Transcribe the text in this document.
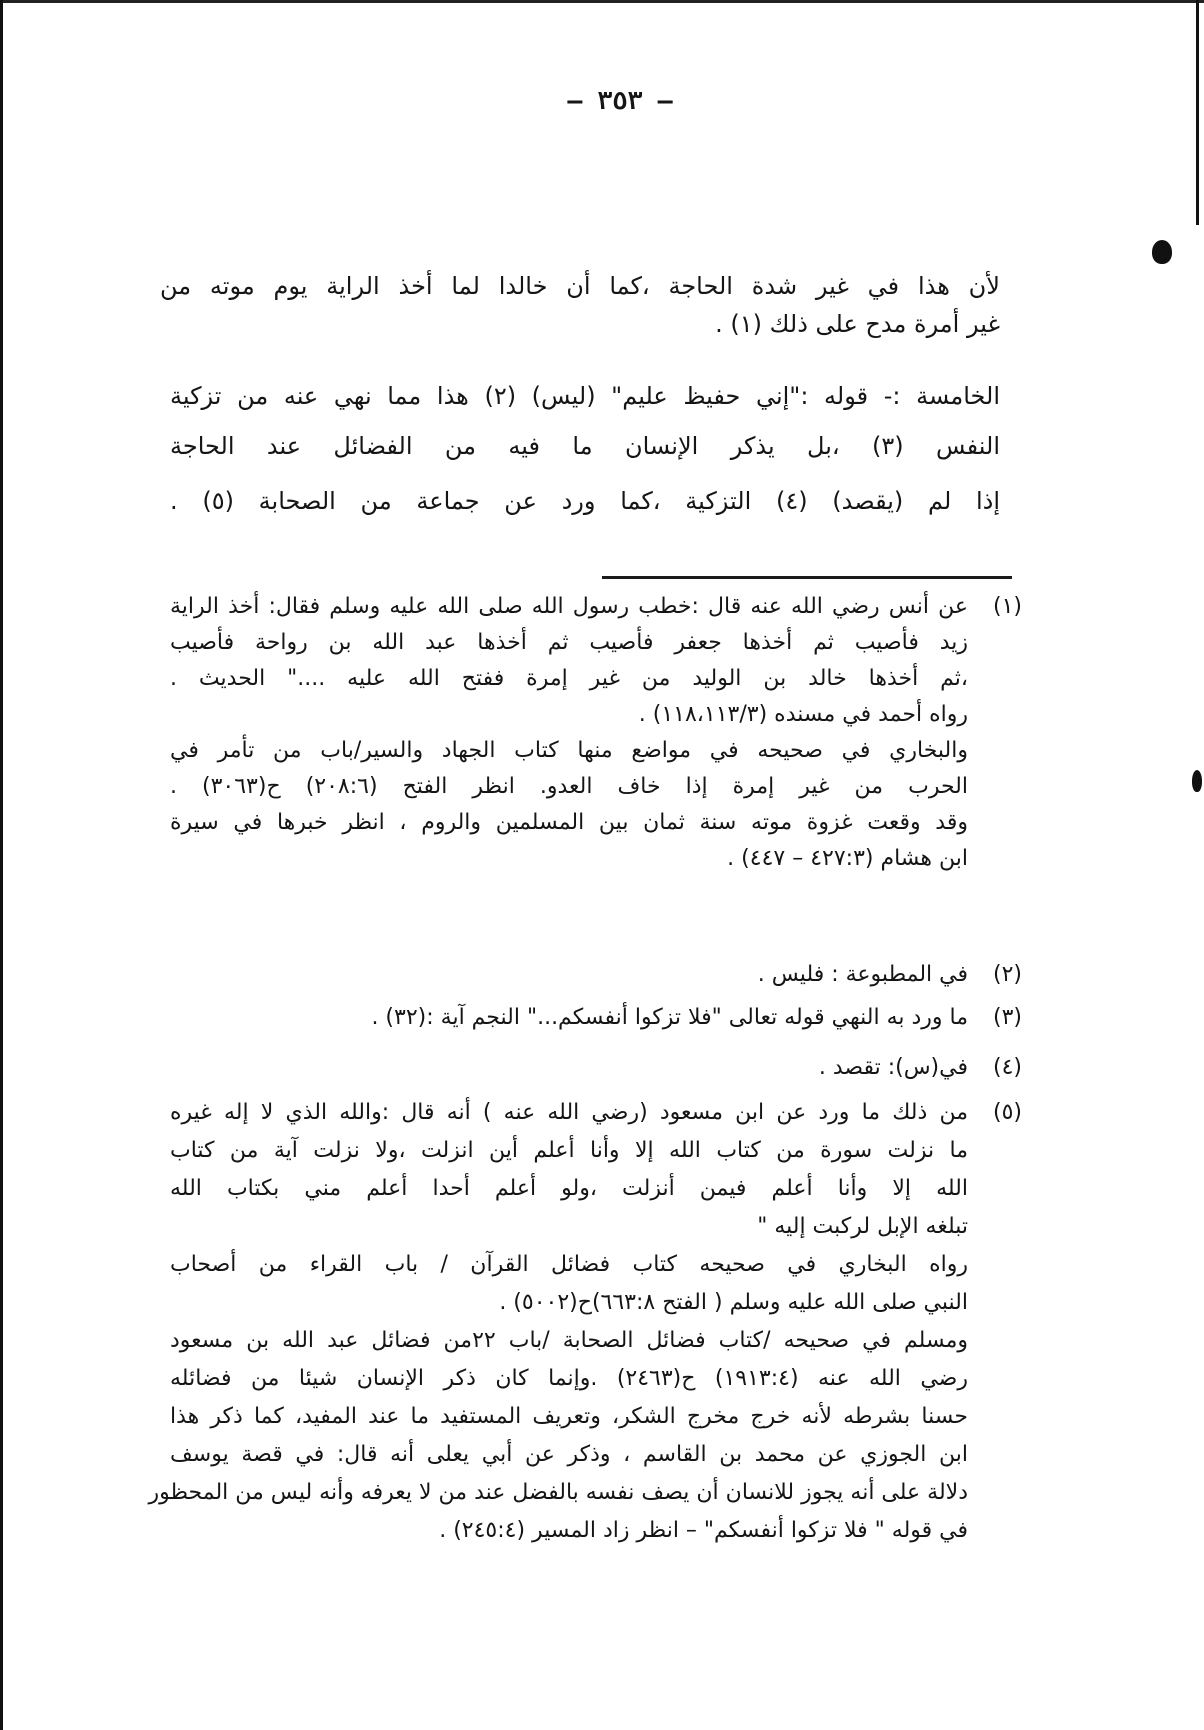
– ٣٥٣ –
لأن هذا في غير شدة الحاجة ،كما أن خالدا لما أخذ الراية يوم موته من
غير أمرة مدح على ذلك (١) .
الخامسة :- قوله :"إني حفيظ عليم" (ليس) (٢) هذا مما نهي عنه من تزكية
النفس (٣) ،بل يذكر الإنسان ما فيه من الفضائل عند الحاجة
إذا لم (يقصد) (٤) التزكية ،كما ورد عن جماعة من الصحابة (٥) .
(١)
عن أنس رضي الله عنه قال :خطب رسول الله صلى الله عليه وسلم فقال: أخذ الراية
زيد فأصيب ثم أخذها جعفر فأصيب ثم أخذها عبد الله بن رواحة فأصيب
،ثم أخذها خالد بن الوليد من غير إمرة ففتح الله عليه ...." الحديث .
رواه أحمد في مسنده (١١٨،١١٣/٣) .
والبخاري في صحيحه في مواضع منها كتاب الجهاد والسير/باب من تأمر في
الحرب من غير إمرة إذا خاف العدو. انظر الفتح (٢٠٨:٦) ح(٣٠٦٣) .
وقد وقعت غزوة موته سنة ثمان بين المسلمين والروم ، انظر خبرها في سيرة
ابن هشام (٤٢٧:٣ – ٤٤٧) .
(٢)
في المطبوعة : فليس .
(٣)
ما ورد به النهي قوله تعالى "فلا تزكوا أنفسكم..." النجم آية :(٣٢) .
(٤)
في(س): تقصد .
(٥)
من ذلك ما ورد عن ابن مسعود (رضي الله عنه ) أنه قال :والله الذي لا إله غيره
ما نزلت سورة من كتاب الله إلا وأنا أعلم أين انزلت ،ولا نزلت آية من كتاب
الله إلا وأنا أعلم فيمن أنزلت ،ولو أعلم أحدا أعلم مني بكتاب الله
تبلغه الإبل لركبت إليه "
رواه البخاري في صحيحه كتاب فضائل القرآن / باب القراء من أصحاب
النبي صلى الله عليه وسلم ( الفتح ٦٦٣:٨)ح(٥٠٠٢) .
ومسلم في صحيحه /كتاب فضائل الصحابة /باب ٢٢من فضائل عبد الله بن مسعود
رضي الله عنه (١٩١٣:٤) ح(٢٤٦٣) .وإنما كان ذكر الإنسان شيئا من فضائله
حسنا بشرطه لأنه خرج مخرج الشكر، وتعريف المستفيد ما عند المفيد، كما ذكر هذا
ابن الجوزي عن محمد بن القاسم ، وذكر عن أبي يعلى أنه قال: في قصة يوسف
دلالة على أنه يجوز للانسان أن يصف نفسه بالفضل عند من لا يعرفه وأنه ليس من المحظور
في قوله " فلا تزكوا أنفسكم" – انظر زاد المسير (٢٤٥:٤) .
